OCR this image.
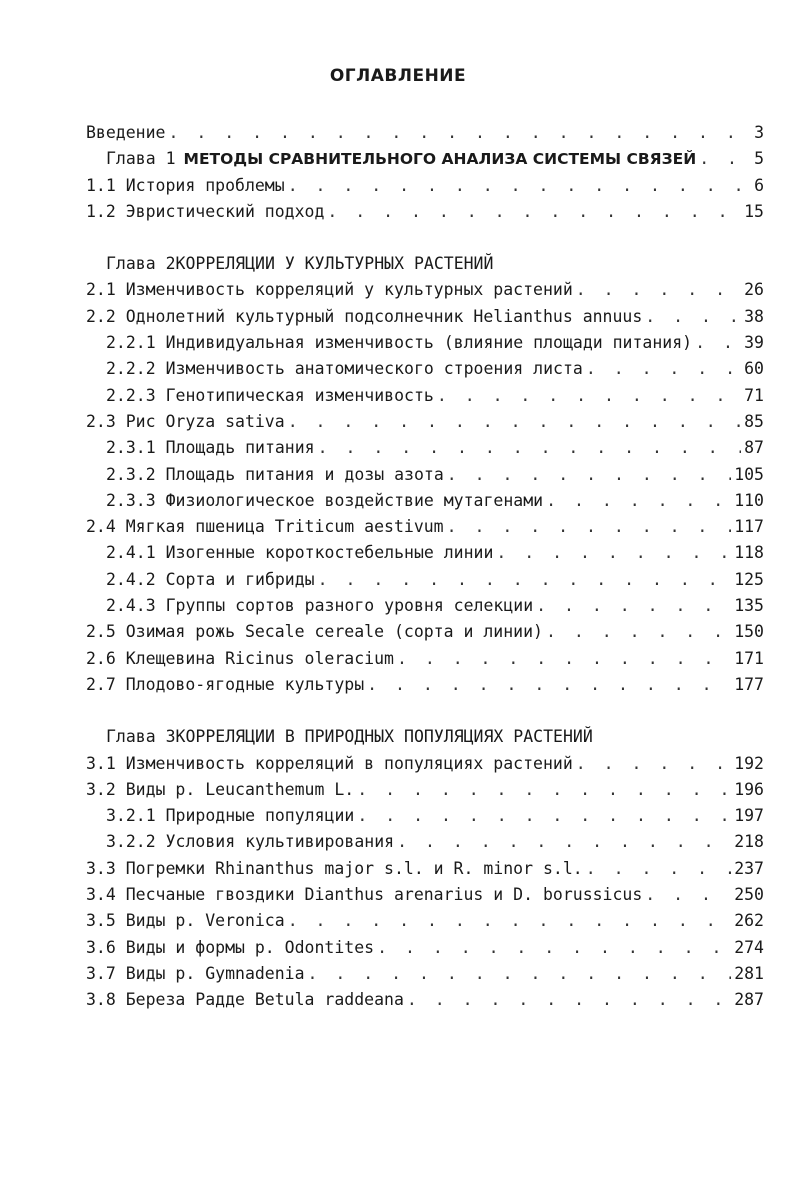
ОГЛАВЛЕНИЕ
Введение . . .	3
Глава 1 МЕТОДЫ СРАВНИТЕЛЬНОГО АНАЛИЗА СИСТЕМЫ СВЯЗЕЙ . . .	5
1.1 История проблемы . . .	6
1.2 Эвристический подход . . .	15
Глава 2 КОРРЕЛЯЦИИ У КУЛЬТУРНЫХ РАСТЕНИЙ
2.1 Изменчивость корреляций у культурных растений . . .	26
2.2 Однолетний культурный подсолнечник Helianthus annuus . . .	38
2.2.1 Индивидуальная изменчивость (влияние площади питания) . . .	39
2.2.2 Изменчивость анатомического строения листа . . .	60
2.2.3 Генотипическая изменчивость . . .	71
2.3 Рис Oryza sativa . . .	85
2.3.1 Площадь питания . . .	87
2.3.2 Площадь питания и дозы азота . . .	105
2.3.3 Физиологическое воздействие мутагенами . . .	110
2.4 Мягкая пшеница Triticum aestivum . . .	117
2.4.1 Изогенные короткостебельные линии . . .	118
2.4.2 Сорта и гибриды . . .	125
2.4.3 Группы сортов разного уровня селекции . . .	135
2.5 Озимая рожь Secale cereale (сорта и линии) . . .	150
2.6 Клещевина Ricinus oleracium . . .	171
2.7 Плодово-ягодные культуры . . .	177
Глава 3 КОРРЕЛЯЦИИ В ПРИРОДНЫХ ПОПУЛЯЦИЯХ РАСТЕНИЙ
3.1 Изменчивость корреляций в популяциях растений . . .	192
3.2 Виды р. Leucanthemum L. . . .	196
3.2.1 Природные популяции . . .	197
3.2.2 Условия культивирования . . .	218
3.3 Погремки Rhinanthus major s.l. и R. minor s.l. . . .	237
3.4 Песчаные гвоздики Dianthus arenarius и D. borussicus . . .	250
3.5 Виды р. Veronica . . .	262
3.6 Виды и формы р. Odontites . . .	274
3.7 Виды р. Gymnadenia . . .	281
3.8 Береза Радде Betula raddeana . . .	287
